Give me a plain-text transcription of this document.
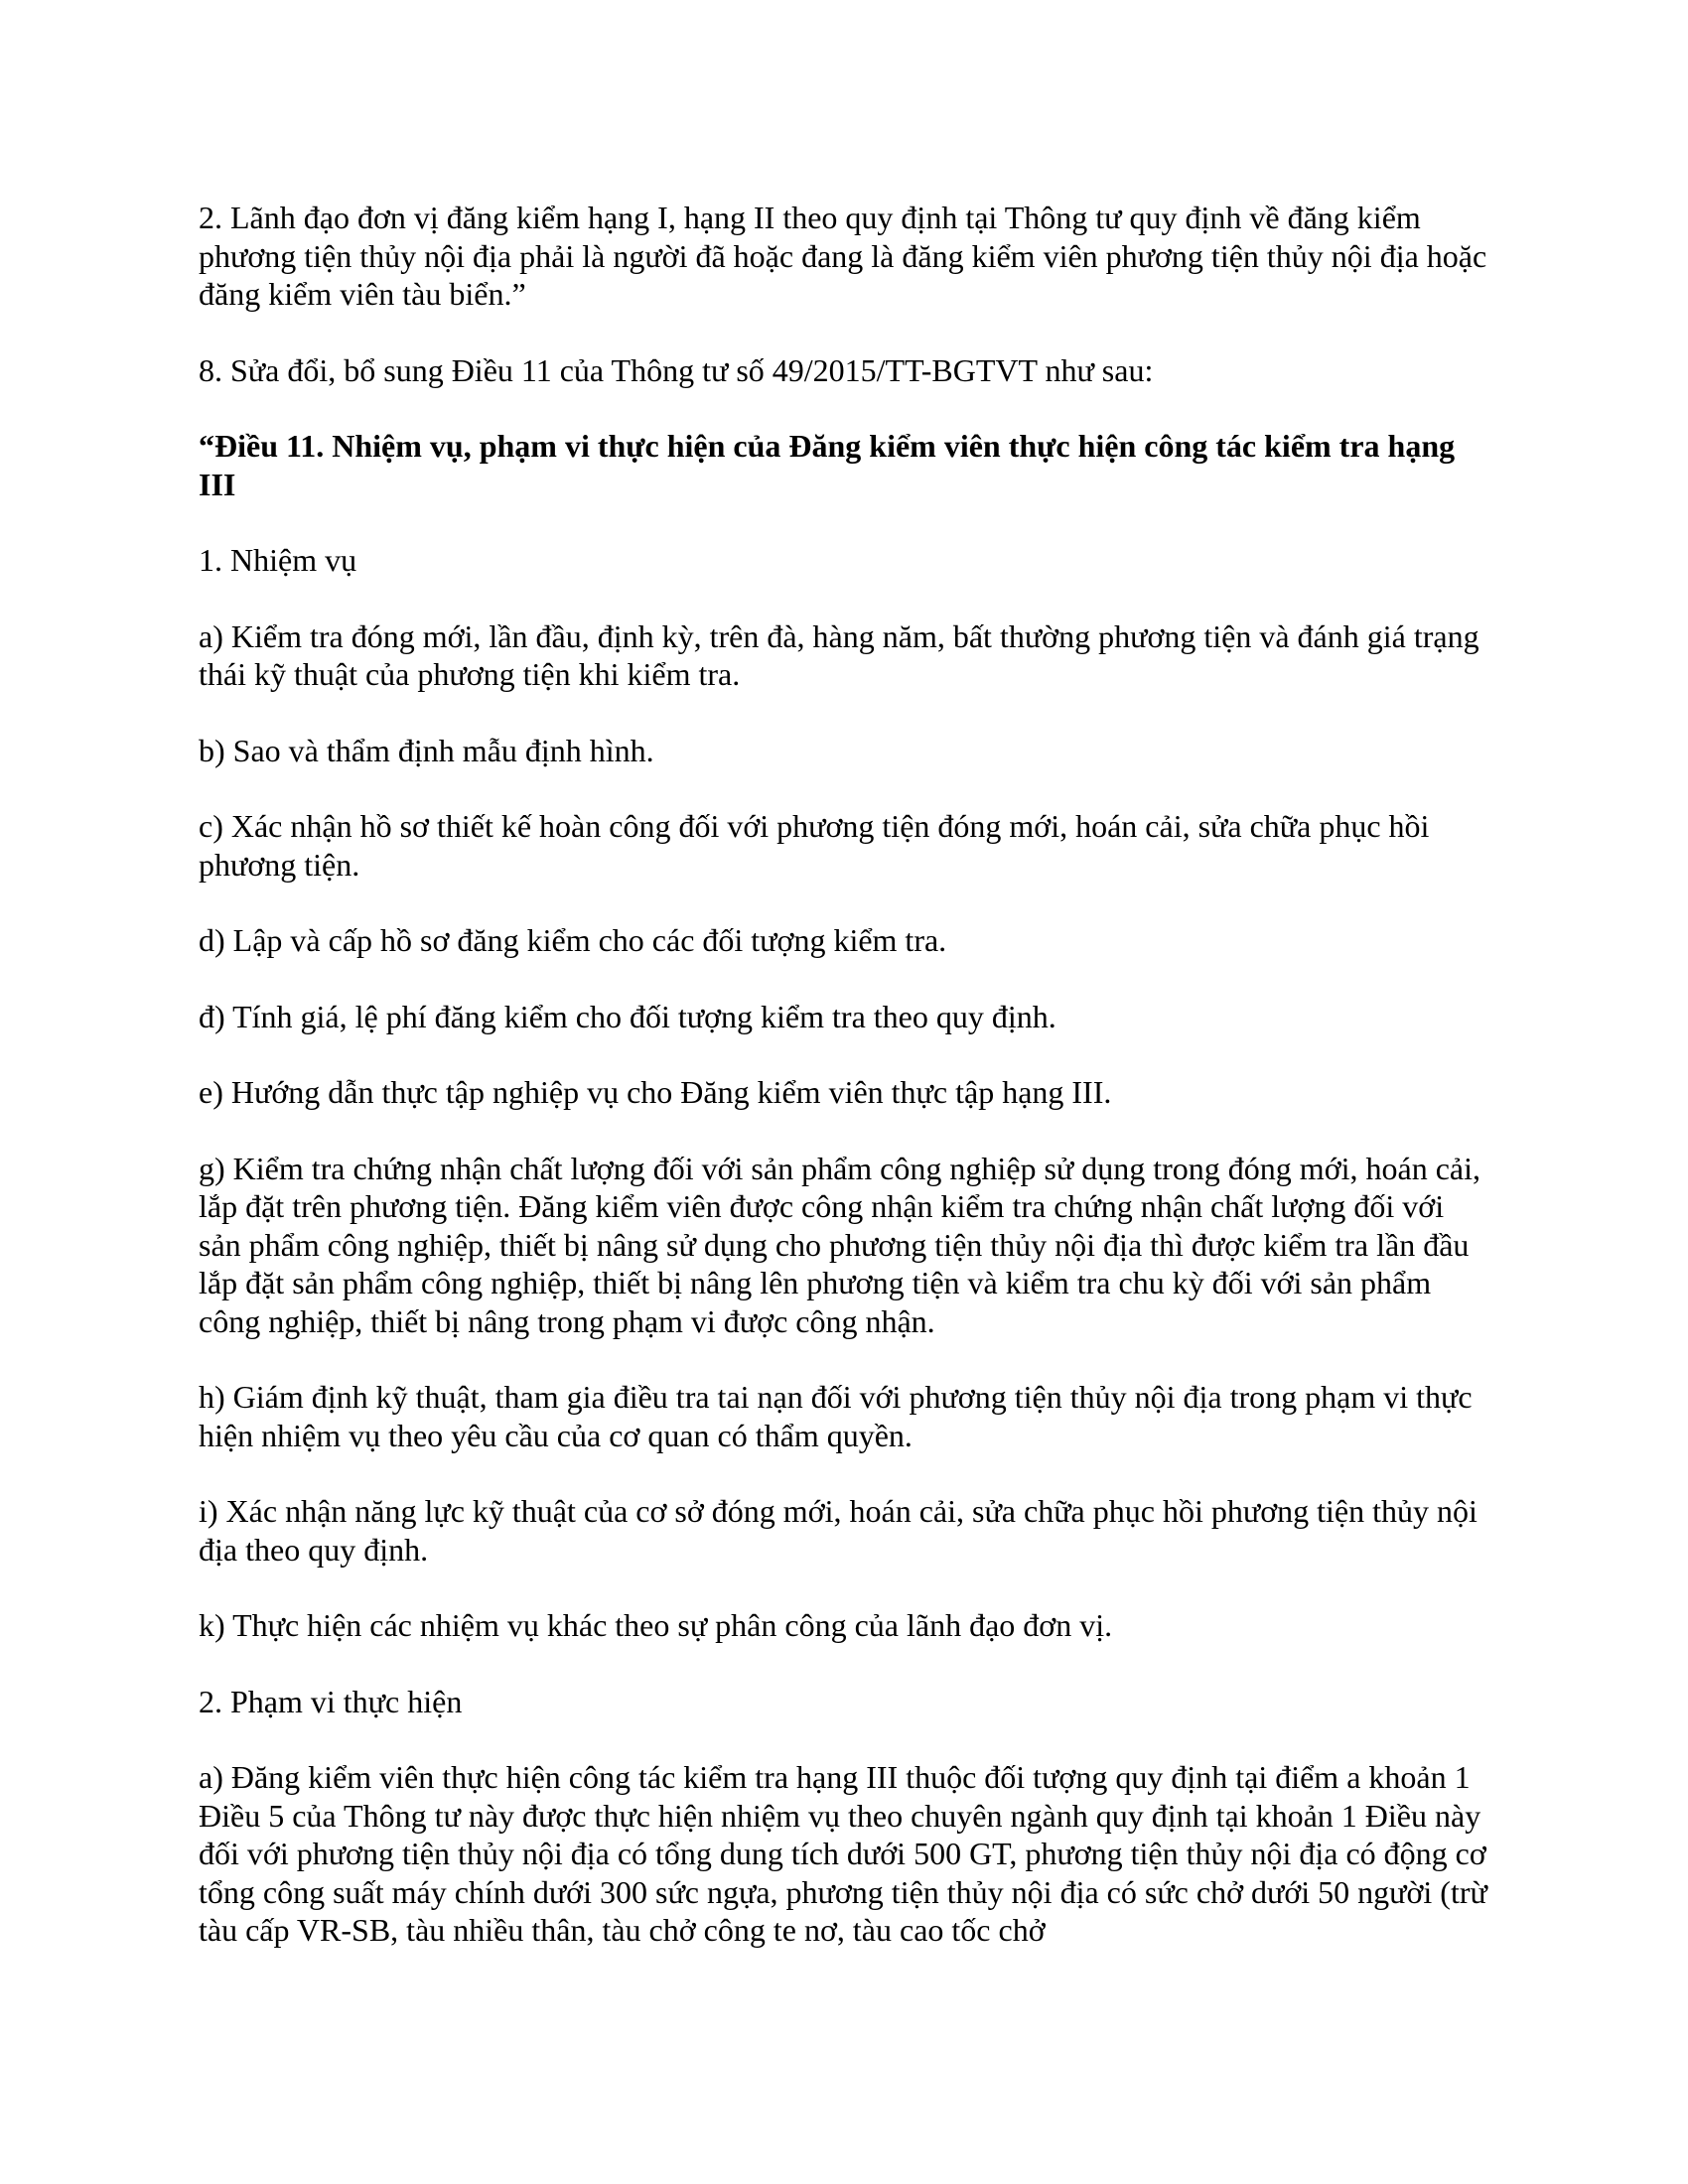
2. Lãnh đạo đơn vị đăng kiểm hạng I, hạng II theo quy định tại Thông tư quy định về đăng kiểm phương tiện thủy nội địa phải là người đã hoặc đang là đăng kiểm viên phương tiện thủy nội địa hoặc đăng kiểm viên tàu biển.”

8. Sửa đổi, bổ sung Điều 11 của Thông tư số 49/2015/TT-BGTVT như sau:

“Điều 11. Nhiệm vụ, phạm vi thực hiện của Đăng kiểm viên thực hiện công tác kiểm tra hạng III

1. Nhiệm vụ

a) Kiểm tra đóng mới, lần đầu, định kỳ, trên đà, hàng năm, bất thường phương tiện và đánh giá trạng thái kỹ thuật của phương tiện khi kiểm tra.

b) Sao và thẩm định mẫu định hình.

c) Xác nhận hồ sơ thiết kế hoàn công đối với phương tiện đóng mới, hoán cải, sửa chữa phục hồi phương tiện.

d) Lập và cấp hồ sơ đăng kiểm cho các đối tượng kiểm tra.

đ) Tính giá, lệ phí đăng kiểm cho đối tượng kiểm tra theo quy định.

e) Hướng dẫn thực tập nghiệp vụ cho Đăng kiểm viên thực tập hạng III.

g) Kiểm tra chứng nhận chất lượng đối với sản phẩm công nghiệp sử dụng trong đóng mới, hoán cải, lắp đặt trên phương tiện. Đăng kiểm viên được công nhận kiểm tra chứng nhận chất lượng đối với sản phẩm công nghiệp, thiết bị nâng sử dụng cho phương tiện thủy nội địa thì được kiểm tra lần đầu lắp đặt sản phẩm công nghiệp, thiết bị nâng lên phương tiện và kiểm tra chu kỳ đối với sản phẩm công nghiệp, thiết bị nâng trong phạm vi được công nhận.

h) Giám định kỹ thuật, tham gia điều tra tai nạn đối với phương tiện thủy nội địa trong phạm vi thực hiện nhiệm vụ theo yêu cầu của cơ quan có thẩm quyền.

i) Xác nhận năng lực kỹ thuật của cơ sở đóng mới, hoán cải, sửa chữa phục hồi phương tiện thủy nội địa theo quy định.

k) Thực hiện các nhiệm vụ khác theo sự phân công của lãnh đạo đơn vị.

2. Phạm vi thực hiện

a) Đăng kiểm viên thực hiện công tác kiểm tra hạng III thuộc đối tượng quy định tại điểm a khoản 1 Điều 5 của Thông tư này được thực hiện nhiệm vụ theo chuyên ngành quy định tại khoản 1 Điều này đối với phương tiện thủy nội địa có tổng dung tích dưới 500 GT, phương tiện thủy nội địa có động cơ tổng công suất máy chính dưới 300 sức ngựa, phương tiện thủy nội địa có sức chở dưới 50 người (trừ tàu cấp VR-SB, tàu nhiều thân, tàu chở công te nơ, tàu cao tốc chở
